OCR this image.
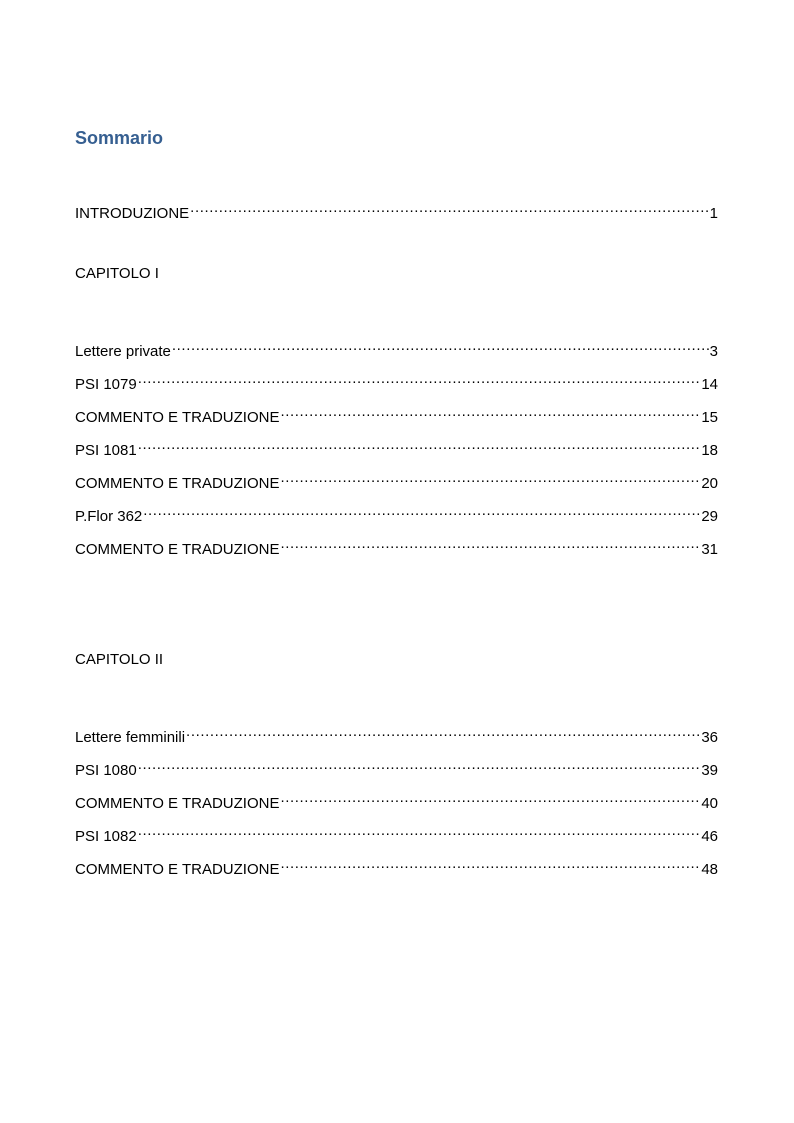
Sommario
INTRODUZIONE .....	1
CAPITOLO I
Lettere private .....	3
PSI 1079 .....	14
COMMENTO E TRADUZIONE .....	15
PSI 1081 .....	18
COMMENTO E TRADUZIONE .....	20
P.Flor 362 .....	29
COMMENTO E TRADUZIONE .....	31
CAPITOLO II
Lettere femminili .....	36
PSI 1080 .....	39
COMMENTO E TRADUZIONE .....	40
PSI 1082 .....	46
COMMENTO E TRADUZIONE .....	48
